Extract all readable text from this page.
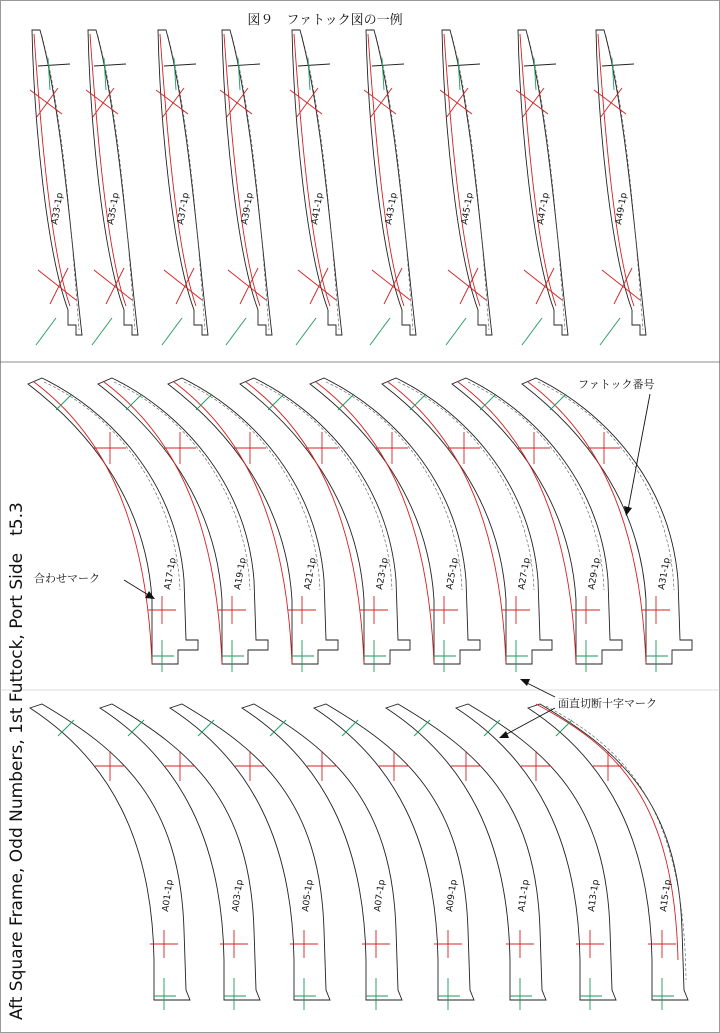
図９　ファトック図の一例
Aft Square Frame, Odd Numbers, 1st Futtock, Port Side　t5.3
A33-1p	A35-1p	A37-1p	A39-1p	A41-1p	A43-1p	A45-1p	A47-1p	A49-1p
A17-1p	A19-1p	A21-1p	A23-1p	A25-1p	A27-1p	A29-1p	A31-1p
A01-1p	A03-1p	A05-1p	A07-1p	A09-1p	A11-1p	A13-1p	A15-1p
ファトック番号
合わせマーク
面直切断十字マーク
